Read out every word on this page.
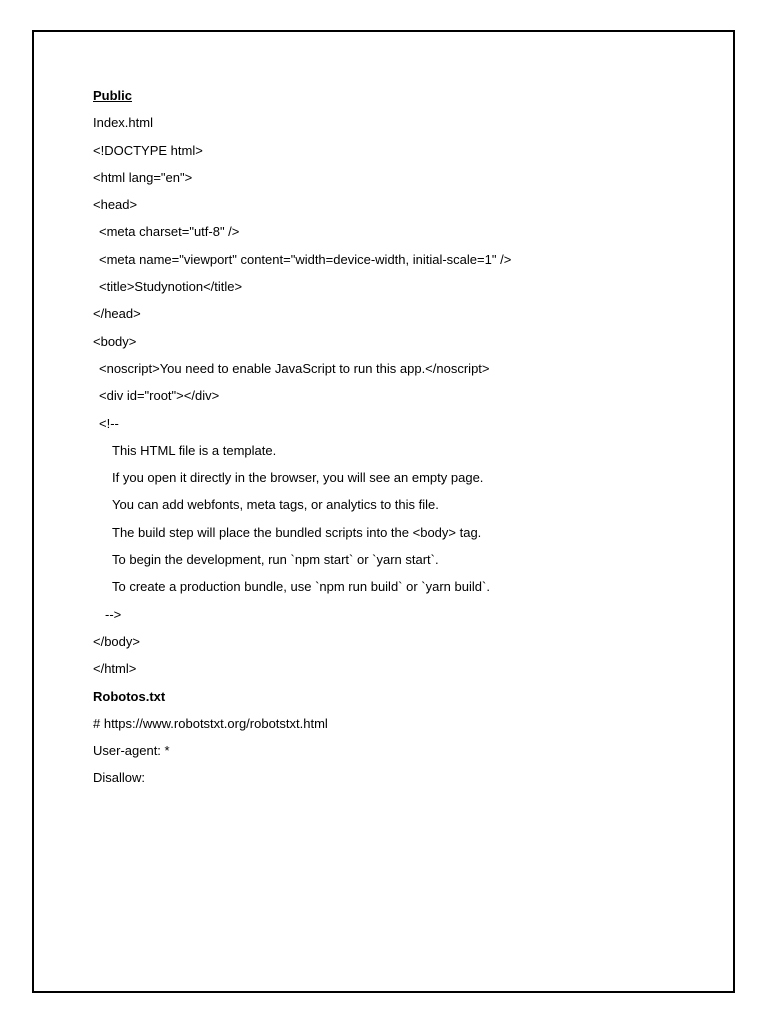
Public
Index.html
<!DOCTYPE html>
<html lang="en">
<head>
<meta charset="utf-8" />
<meta name="viewport" content="width=device-width, initial-scale=1" />
<title>Studynotion</title>
</head>
<body>
<noscript>You need to enable JavaScript to run this app.</noscript>
<div id="root"></div>
<!--
This HTML file is a template.
If you open it directly in the browser, you will see an empty page.
You can add webfonts, meta tags, or analytics to this file.
The build step will place the bundled scripts into the <body> tag.
To begin the development, run `npm start` or `yarn start`.
To create a production bundle, use `npm run build` or `yarn build`.
-->
</body>
</html>
Robotos.txt
# https://www.robotstxt.org/robotstxt.html
User-agent: *
Disallow:
